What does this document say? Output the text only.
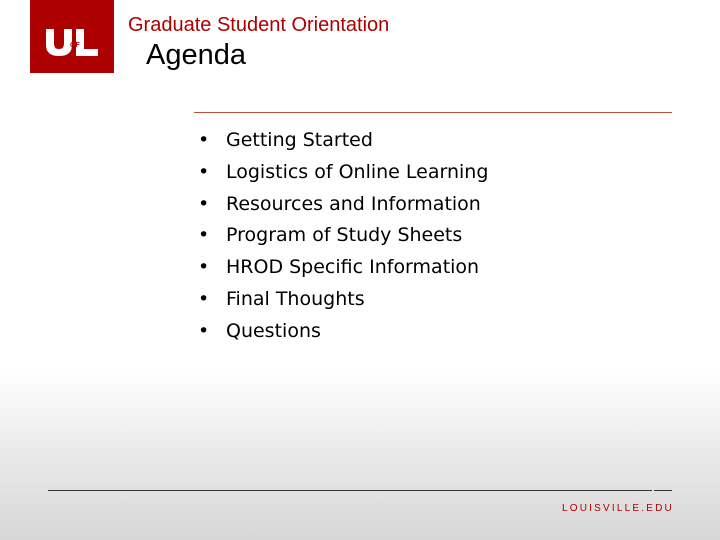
OF
Graduate Student Orientation
Agenda
• Getting Started
• Logistics of Online Learning
• Resources and Information
• Program of Study Sheets
• HROD Specific Information
• Final Thoughts
• Questions
LOUISVILLE.EDU
